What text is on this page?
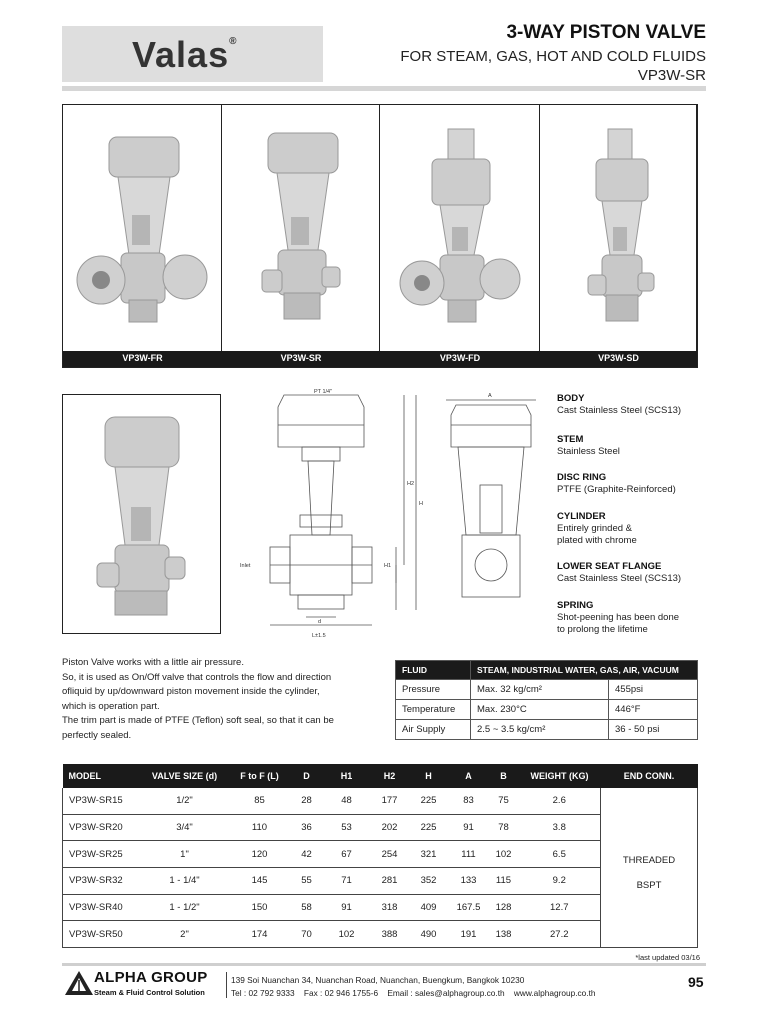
Valas®	3-WAY PISTON VALVE
FOR STEAM, GAS, HOT AND COLD FLUIDS
VP3W-SR
VP3W-FR	VP3W-SR	VP3W-FD	VP3W-SD
PT 1/4"
Inlet
d
L±1.5
H1
H2
H
A	BODY
Cast Stainless Steel (SCS13)
STEM
Stainless Steel
DISC RING
PTFE (Graphite-Reinforced)
CYLINDER
Entirely grinded &
plated with chrome
LOWER SEAT FLANGE
Cast Stainless Steel (SCS13)
SPRING
Shot-peening has been done
to prolong the lifetime
Piston Valve works with a little air pressure.
So, it is used as On/Off valve that controls the flow and direction
ofliquid by up/downward piston movement inside the cylinder,
which is operation part.
The trim part is made of PTFE (Teflon) soft seal, so that it can be
perfectly sealed.
FLUID	STEAM, INDUSTRIAL WATER, GAS, AIR, VACUUM	
Pressure	Max. 32 kg/cm²	455psi
Temperature	Max. 230°C	446°F
Air Supply	2.5 ~ 3.5 kg/cm²	36 - 50 psi
MODEL	VALVE SIZE (d)	F to F (L)	D	H1	H2	H	A	B	WEIGHT (KG)	END CONN.
VP3W-SR15	1/2"	85	28	48	177	225	83	75	2.6	THREADED
BSPT

VP3W-SR20	3/4"	110	36	53	202	225	91	78	3.8	
VP3W-SR25	1"	120	42	67	254	321	111	102	6.5	
VP3W-SR32	1 - 1/4"	145	55	71	281	352	133	115	9.2	
VP3W-SR40	1 - 1/2"	150	58	91	318	409	167.5	128	12.7	
VP3W-SR50	2"	174	70	102	388	490	191	138	27.2	
*last updated 03/16
ALPHA GROUP
Steam & Fluid Control Solution
139 Soi Nuanchan 34, Nuanchan Road, Nuanchan, Buengkum, Bangkok 10230
Tel : 02 792 9333    Fax : 02 946 1755-6    Email : sales@alphagroup.co.th    www.alphagroup.co.th
95
